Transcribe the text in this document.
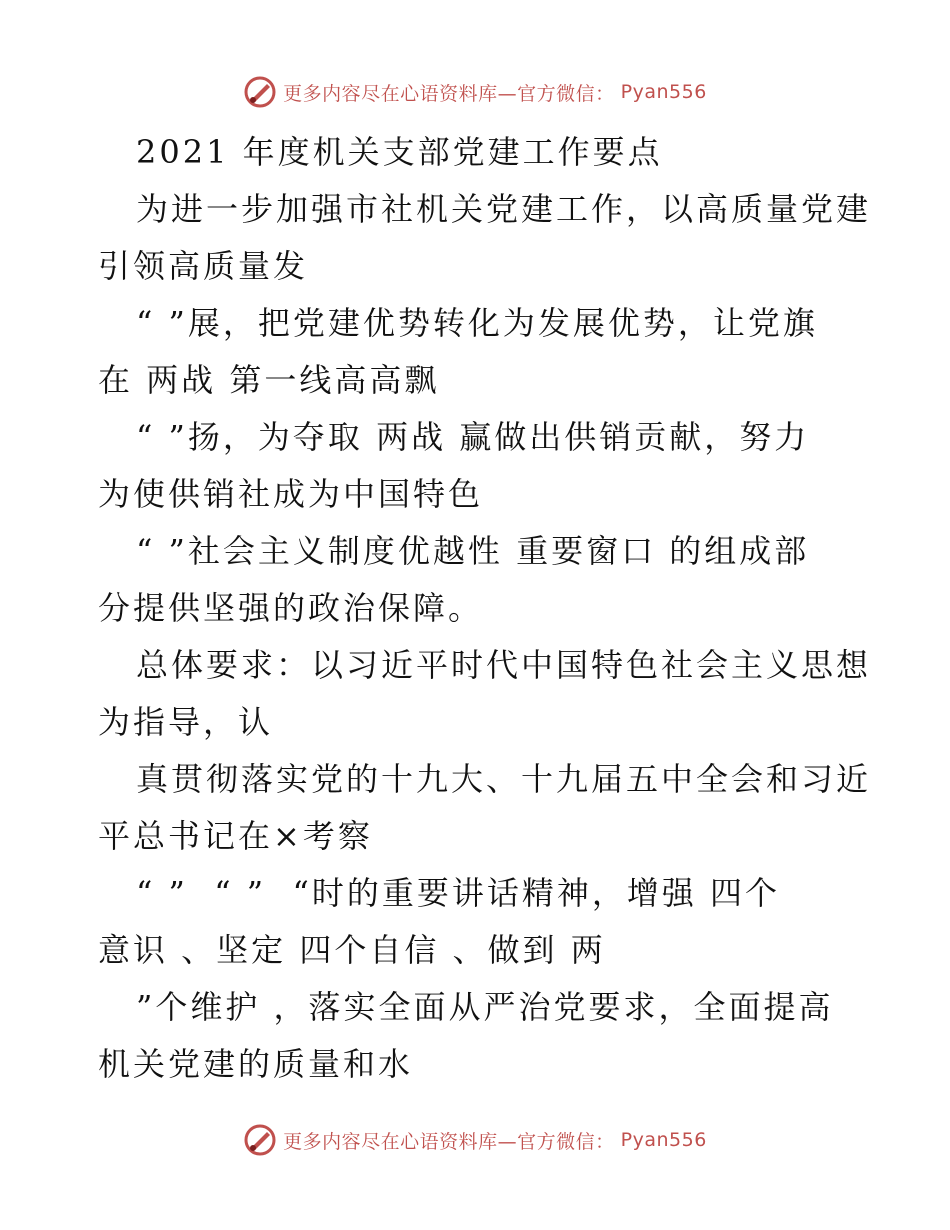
更多内容尽在心语资料库—官方微信： Pyan556
2021 年度机关支部党建工作要点
为进一步加强市社机关党建工作，以高质量党建
引领高质量发
“ ”展，把党建优势转化为发展优势，让党旗
在 两战 第一线高高飘
“ ”扬，为夺取 两战 赢做出供销贡献，努力
为使供销社成为中国特色
“ ”社会主义制度优越性 重要窗口 的组成部
分提供坚强的政治保障。
总体要求：以习近平时代中国特色社会主义思想
为指导，认
真贯彻落实党的十九大、十九届五中全会和习近
平总书记在×考察
“ ”  “ ”  “时的重要讲话精神，增强 四个
意识 、坚定 四个自信 、做到 两
”个维护 ，落实全面从严治党要求，全面提高
机关党建的质量和水
更多内容尽在心语资料库—官方微信： Pyan556
